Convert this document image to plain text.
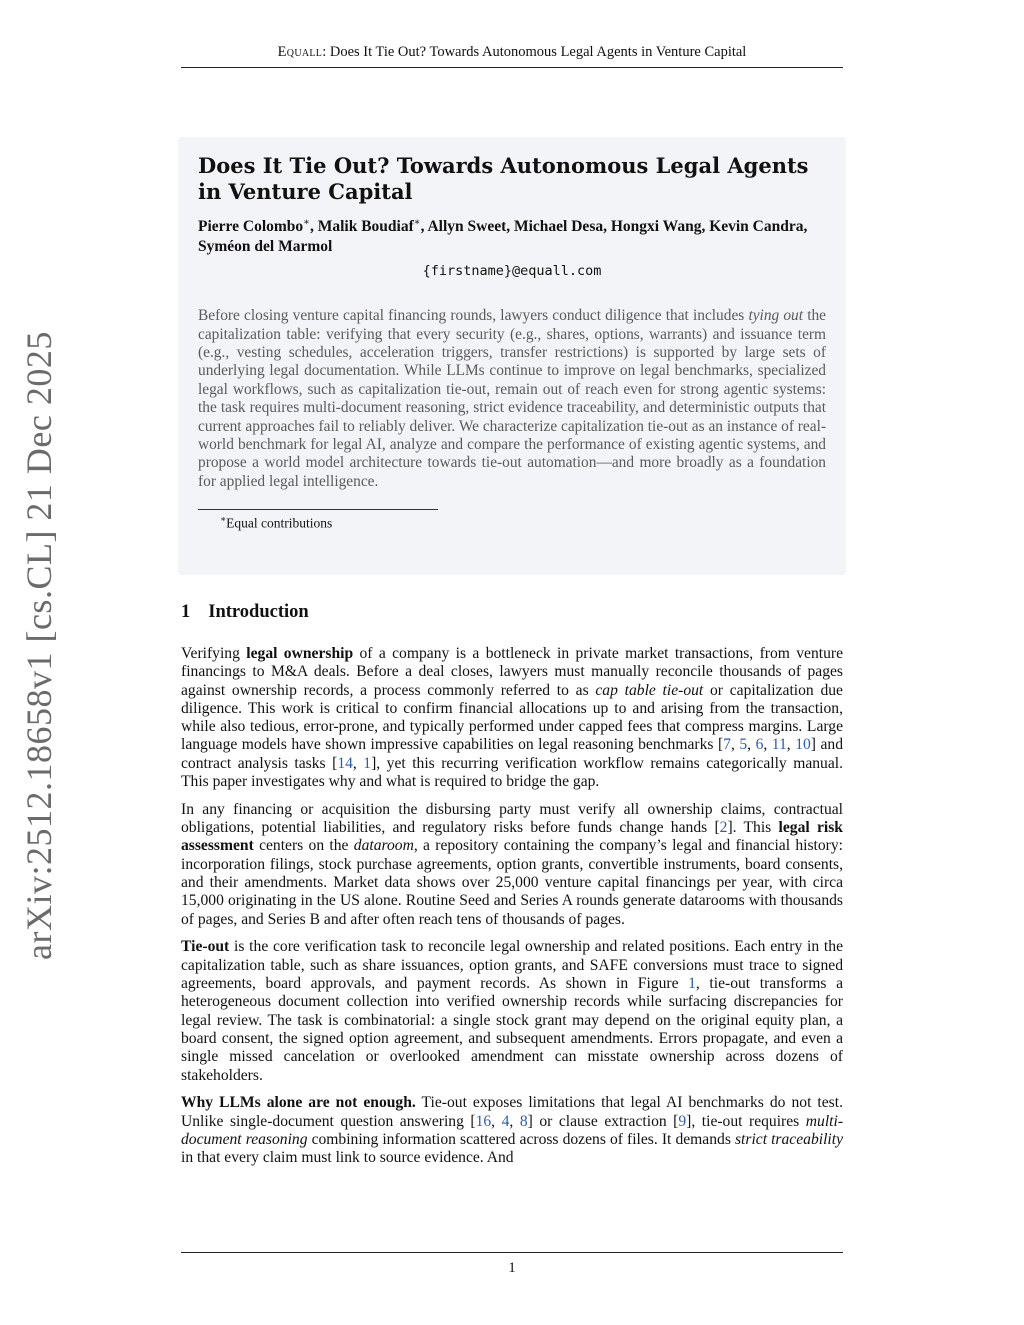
Equall: Does It Tie Out? Towards Autonomous Legal Agents in Venture Capital
arXiv:2512.18658v1 [cs.CL] 21 Dec 2025
Does It Tie Out? Towards Autonomous Legal Agents in Venture Capital

Pierre Colombo∗, Malik Boudiaf∗, Allyn Sweet, Michael Desa, Hongxi Wang, Kevin Candra, Syméon del Marmol

{firstname}@equall.com

Before closing venture capital financing rounds, lawyers conduct diligence that includes tying out the capitalization table: verifying that every security (e.g., shares, options, warrants) and issuance term (e.g., vesting schedules, acceleration triggers, transfer restrictions) is supported by large sets of underlying legal documentation. While LLMs continue to improve on legal benchmarks, specialized legal workflows, such as capitalization tie-out, remain out of reach even for strong agentic systems: the task requires multi-document reasoning, strict evidence traceability, and deterministic outputs that current approaches fail to reliably deliver. We characterize capitalization tie-out as an instance of real-world benchmark for legal AI, analyze and compare the performance of existing agentic systems, and propose a world model architecture towards tie-out automation—and more broadly as a foundation for applied legal intelligence.
∗Equal contributions
1 Introduction

Verifying legal ownership of a company is a bottleneck in private market transactions, from venture financings to M&A deals. Before a deal closes, lawyers must manually reconcile thousands of pages against ownership records, a process commonly referred to as cap table tie-out or capitalization due diligence. This work is critical to confirm financial allocations up to and arising from the transaction, while also tedious, error-prone, and typically performed under capped fees that compress margins. Large language models have shown impressive capabilities on legal reasoning benchmarks [7, 5, 6, 11, 10] and contract analysis tasks [14, 1], yet this recurring verification workflow remains categorically manual. This paper investigates why and what is required to bridge the gap.

In any financing or acquisition the disbursing party must verify all ownership claims, contractual obligations, potential liabilities, and regulatory risks before funds change hands [2]. This legal risk assessment centers on the dataroom, a repository containing the company’s legal and financial history: incorporation filings, stock purchase agreements, option grants, convertible instruments, board consents, and their amendments. Market data shows over 25,000 venture capital financings per year, with circa 15,000 originating in the US alone. Routine Seed and Series A rounds generate datarooms with thousands of pages, and Series B and after often reach tens of thousands of pages.

Tie-out is the core verification task to reconcile legal ownership and related positions. Each entry in the capitalization table, such as share issuances, option grants, and SAFE conversions must trace to signed agreements, board approvals, and payment records. As shown in Figure 1, tie-out transforms a heterogeneous document collection into verified ownership records while surfacing discrepancies for legal review. The task is combinatorial: a single stock grant may depend on the original equity plan, a board consent, the signed option agreement, and subsequent amendments. Errors propagate, and even a single missed cancelation or overlooked amendment can misstate ownership across dozens of stakeholders.

Why LLMs alone are not enough. Tie-out exposes limitations that legal AI benchmarks do not test. Unlike single-document question answering [16, 4, 8] or clause extraction [9], tie-out requires multi-document reasoning combining information scattered across dozens of files. It demands strict traceability in that every claim must link to source evidence. And

1
